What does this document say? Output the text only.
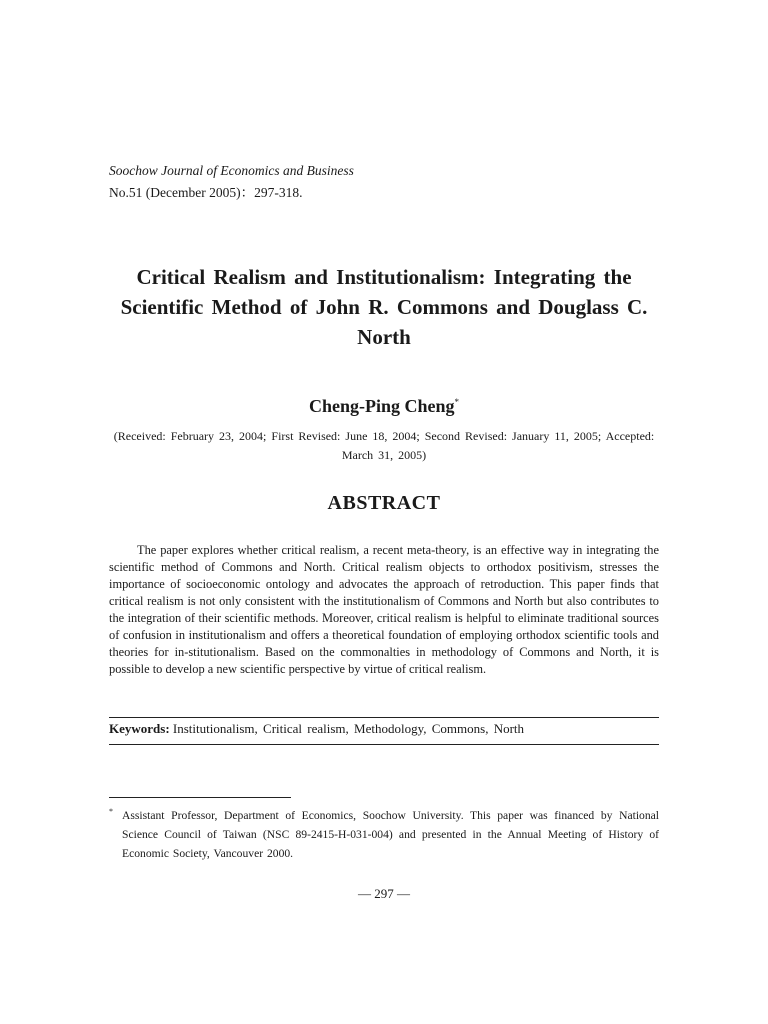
Soochow Journal of Economics and Business
No.51 (December 2005)：297-318.
Critical Realism and Institutionalism: Integrating the Scientific Method of John R. Commons and Douglass C. North
Cheng-Ping Cheng*
(Received: February 23, 2004; First Revised: June 18, 2004; Second Revised: January 11, 2005; Accepted: March 31, 2005)
ABSTRACT
The paper explores whether critical realism, a recent meta-theory, is an effective way in integrating the scientific method of Commons and North. Critical realism objects to orthodox positivism, stresses the importance of socioeconomic ontology and advocates the approach of retroduction. This paper finds that critical realism is not only consistent with the institutionalism of Commons and North but also contributes to the integration of their scientific methods. Moreover, critical realism is helpful to eliminate traditional sources of confusion in institutionalism and offers a theoretical foundation of employing orthodox scientific tools and theories for in-stitutionalism. Based on the commonalties in methodology of Commons and North, it is possible to develop a new scientific perspective by virtue of critical realism.
Keywords: Institutionalism, Critical realism, Methodology, Commons, North
* Assistant Professor, Department of Economics, Soochow University. This paper was financed by National Science Council of Taiwan (NSC 89-2415-H-031-004) and presented in the Annual Meeting of History of Economic Society, Vancouver 2000.
— 297 —
